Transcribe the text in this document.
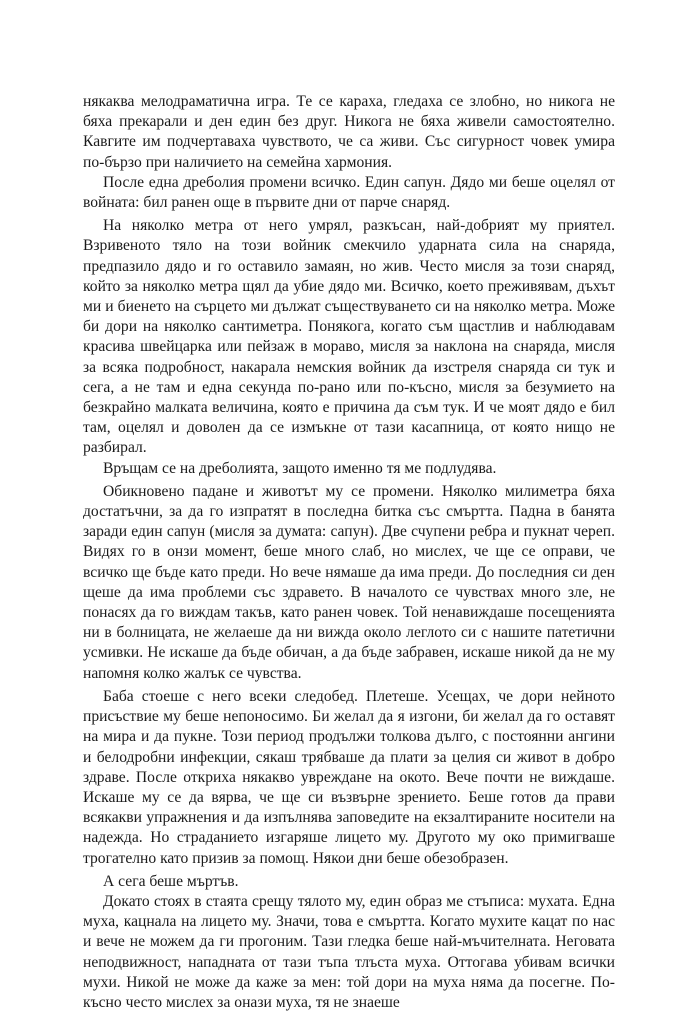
някаква мелодраматична игра. Те се караха, гледаха се злобно, но никога не бяха прекарали и ден един без друг. Никога не бяха живели самостоятелно. Кавгите им подчертаваха чувството, че са живи. Със сигурност човек умира по-бързо при наличието на семейна хармония.

После една дреболия промени всичко. Един сапун. Дядо ми беше оцелял от войната: бил ранен още в първите дни от парче снаряд.

На няколко метра от него умрял, разкъсан, най-добрият му приятел. Взривеното тяло на този войник смекчило ударната сила на снаряда, предпазило дядо и го оставило замаян, но жив. Често мисля за този снаряд, който за няколко метра щял да убие дядо ми. Всичко, което преживявам, дъхът ми и биенето на сърцето ми дължат съществуването си на няколко метра. Може би дори на няколко сантиметра. Понякога, когато съм щастлив и наблюдавам красива швейцарка или пейзаж в мораво, мисля за наклона на снаряда, мисля за всяка подробност, накарала немския войник да изстреля снаряда си тук и сега, а не там и една секунда по-рано или по-късно, мисля за безумието на безкрайно малката величина, която е причина да съм тук. И че моят дядо е бил там, оцелял и доволен да се измъкне от тази касапница, от която нищо не разбирал.

Връщам се на дреболията, защото именно тя ме подлудява.

Обикновено падане и животът му се промени. Няколко милиметра бяха достатъчни, за да го изпратят в последна битка със смъртта. Падна в банята заради един сапун (мисля за думата: сапун). Две счупени ребра и пукнат череп. Видях го в онзи момент, беше много слаб, но мислех, че ще се оправи, че всичко ще бъде като преди. Но вече нямаше да има преди. До последния си ден щеше да има проблеми със здравето. В началото се чувствах много зле, не понасях да го виждам такъв, като ранен човек. Той ненавиждаше посещенията ни в болницата, не желаеше да ни вижда около леглото си с нашите патетични усмивки. Не искаше да бъде обичан, а да бъде забравен, искаше никой да не му напомня колко жалък се чувства.

Баба стоеше с него всеки следобед. Плетеше. Усещах, че дори нейното присъствие му беше непоносимо. Би желал да я изгони, би желал да го оставят на мира и да пукне. Този период продължи толкова дълго, с постоянни ангини и белодробни инфекции, сякаш трябваше да плати за целия си живот в добро здраве. После откриха някакво увреждане на окото. Вече почти не виждаше. Искаше му се да вярва, че ще си възвърне зрението. Беше готов да прави всякакви упражнения и да изпълнява заповедите на екзалтираните носители на надежда. Но страданието изгаряше лицето му. Другото му око примигваше трогателно като призив за помощ. Някои дни беше обезобразен.

А сега беше мъртъв.

Докато стоях в стаята срещу тялото му, един образ ме стъписа: мухата. Една муха, кацнала на лицето му. Значи, това е смъртта. Когато мухите кацат по нас и вече не можем да ги прогоним. Тази гледка беше най-мъчителната. Неговата неподвижност, нападната от тази тъпа тлъста муха. Оттогава убивам всички мухи. Никой не може да каже за мен: той дори на муха няма да посегне. По-късно често мислех за онази муха, тя не знаеше
